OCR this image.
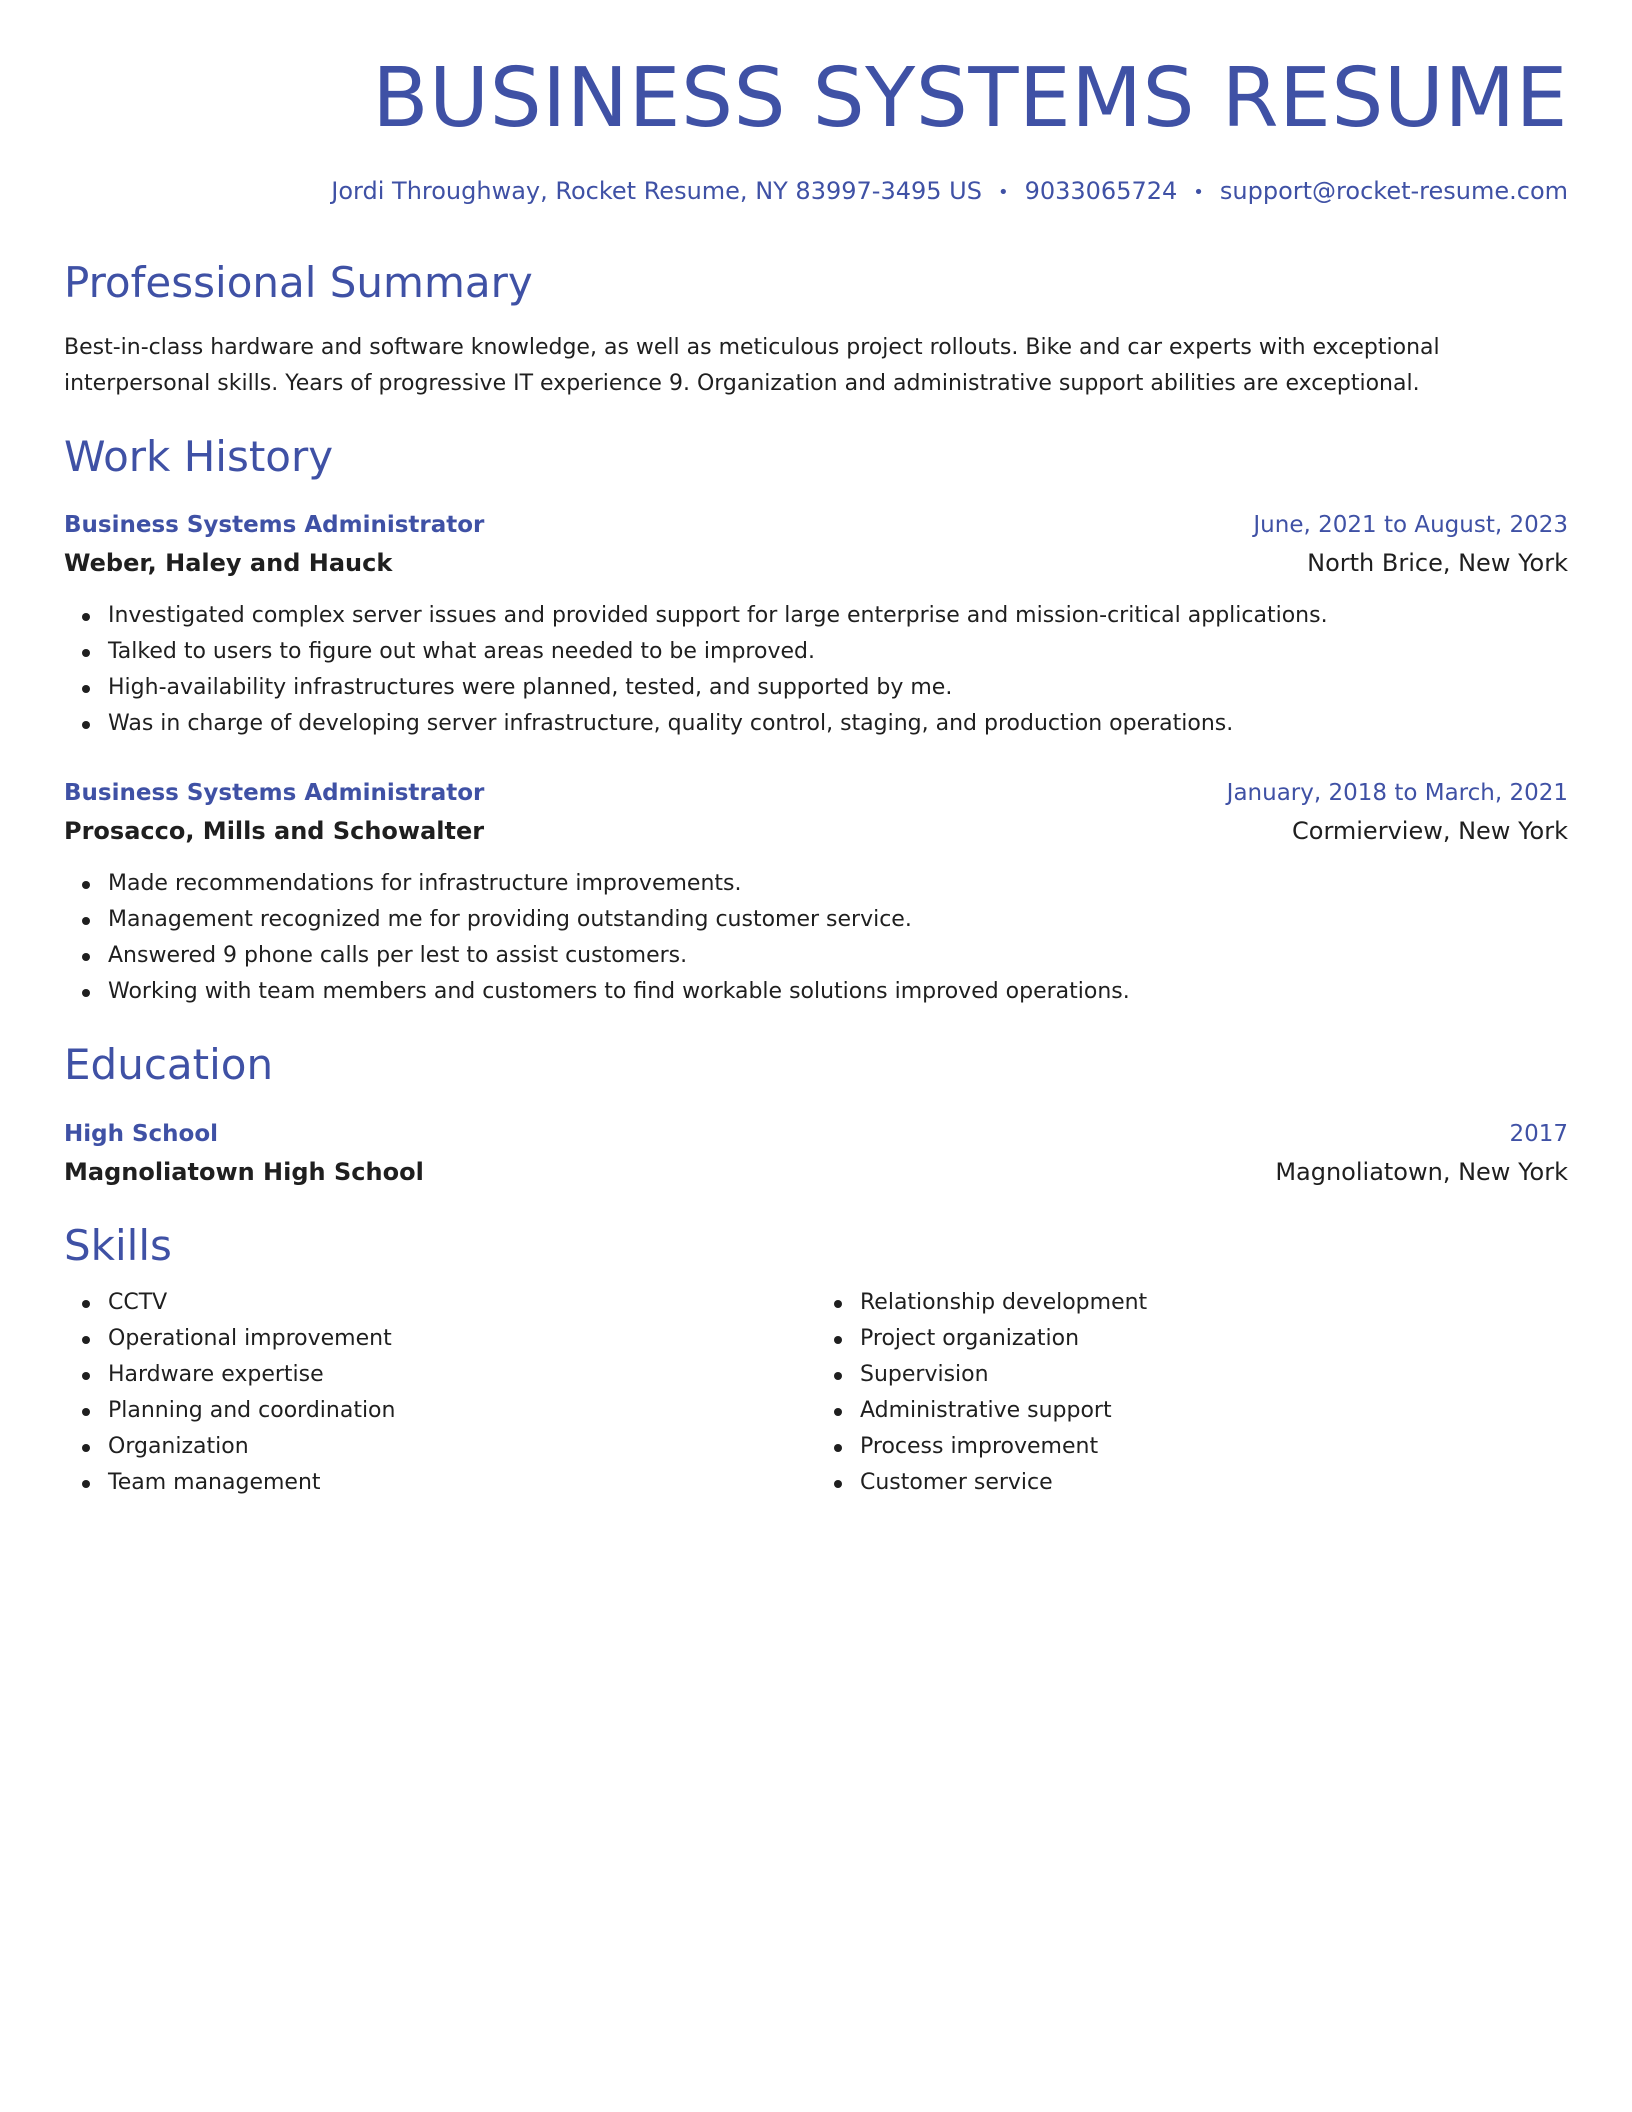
BUSINESS SYSTEMS RESUME
Jordi Throughway, Rocket Resume, NY 83997-3495 US • 9033065724 • support@rocket-resume.com
Professional Summary

Best-in-class hardware and software knowledge, as well as meticulous project rollouts. Bike and car experts with exceptional interpersonal skills. Years of progressive IT experience 9. Organization and administrative support abilities are exceptional.

Work History
Business Systems Administrator	June, 2021 to August, 2023
Weber, Haley and Hauck	North Brice, New York
Investigated complex server issues and provided support for large enterprise and mission-critical applications.
Talked to users to figure out what areas needed to be improved.
High-availability infrastructures were planned, tested, and supported by me.
Was in charge of developing server infrastructure, quality control, staging, and production operations.
Business Systems Administrator	January, 2018 to March, 2021
Prosacco, Mills and Schowalter	Cormierview, New York
Made recommendations for infrastructure improvements.
Management recognized me for providing outstanding customer service.
Answered 9 phone calls per lest to assist customers.
Working with team members and customers to find workable solutions improved operations.
Education
High School	2017
Magnoliatown High School	Magnoliatown, New York
Skills
CCTV
Operational improvement
Hardware expertise
Planning and coordination
Organization
Team management
Relationship development
Project organization
Supervision
Administrative support
Process improvement
Customer service
